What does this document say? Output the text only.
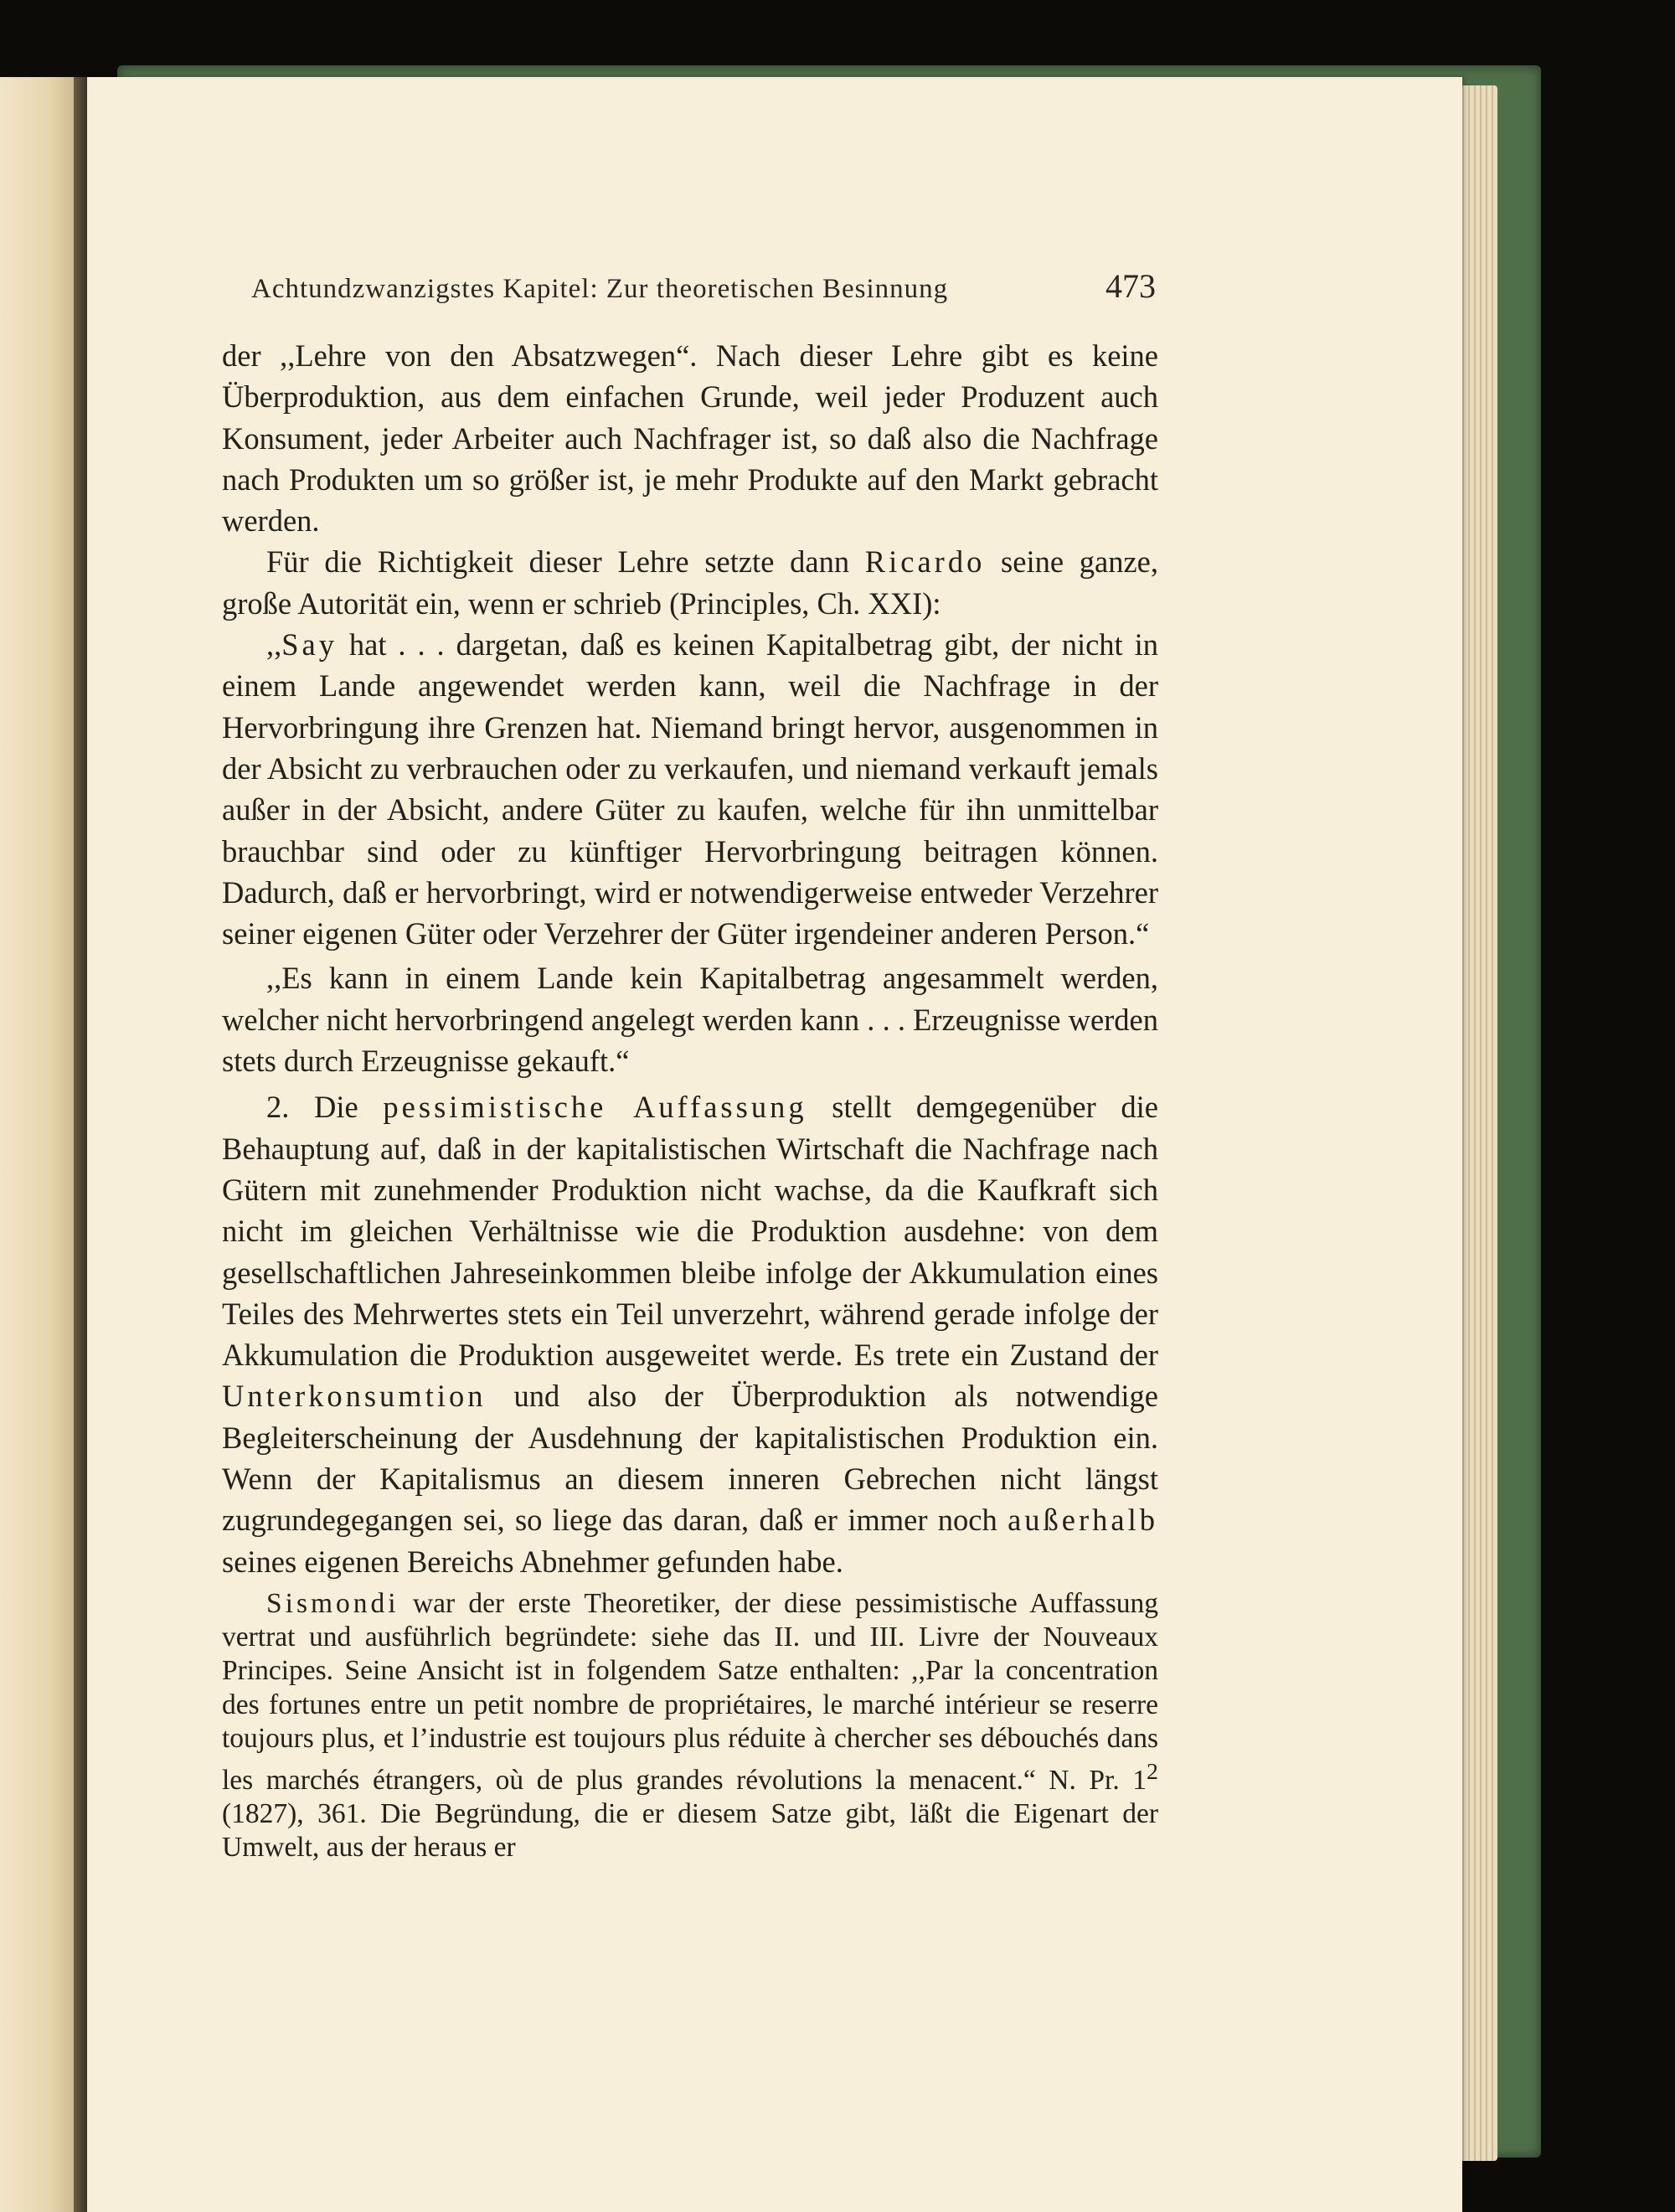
Achtundzwanzigstes Kapitel: Zur theoretischen Besinnung	473

der ,,Lehre von den Absatzwegen“. Nach dieser Lehre gibt es keine Überproduktion, aus dem einfachen Grunde, weil jeder Produzent auch Konsument, jeder Arbeiter auch Nachfrager ist, so daß also die Nachfrage nach Produkten um so größer ist, je mehr Produkte auf den Markt gebracht werden.

Für die Richtigkeit dieser Lehre setzte dann Ricardo seine ganze, große Autorität ein, wenn er schrieb (Principles, Ch. XXI):

,,Say hat . . . dargetan, daß es keinen Kapitalbetrag gibt, der nicht in einem Lande angewendet werden kann, weil die Nachfrage in der Hervorbringung ihre Grenzen hat. Niemand bringt hervor, ausgenommen in der Absicht zu verbrauchen oder zu verkaufen, und niemand verkauft jemals außer in der Absicht, andere Güter zu kaufen, welche für ihn unmittelbar brauchbar sind oder zu künftiger Hervorbringung beitragen können. Dadurch, daß er hervorbringt, wird er notwendigerweise entweder Verzehrer seiner eigenen Güter oder Verzehrer der Güter irgendeiner anderen Person.“

,,Es kann in einem Lande kein Kapitalbetrag angesammelt werden, welcher nicht hervorbringend angelegt werden kann . . . Erzeugnisse werden stets durch Erzeugnisse gekauft.“

2. Die pessimistische Auffassung stellt demgegenüber die Behauptung auf, daß in der kapitalistischen Wirtschaft die Nachfrage nach Gütern mit zunehmender Produktion nicht wachse, da die Kaufkraft sich nicht im gleichen Verhältnisse wie die Produktion ausdehne: von dem gesellschaftlichen Jahreseinkommen bleibe infolge der Akkumulation eines Teiles des Mehrwertes stets ein Teil unverzehrt, während gerade infolge der Akkumulation die Produktion ausgeweitet werde. Es trete ein Zustand der Unterkonsumtion und also der Überproduktion als notwendige Begleiterscheinung der Ausdehnung der kapitalistischen Produktion ein. Wenn der Kapitalismus an diesem inneren Gebrechen nicht längst zugrundegegangen sei, so liege das daran, daß er immer noch außerhalb seines eigenen Bereichs Abnehmer gefunden habe.

Sismondi war der erste Theoretiker, der diese pessimistische Auffassung vertrat und ausführlich begründete: siehe das II. und III. Livre der Nouveaux Principes. Seine Ansicht ist in folgendem Satze enthalten: ,,Par la concentration des fortunes entre un petit nombre de propriétaires, le marché intérieur se reserre toujours plus, et l’industrie est toujours plus réduite à chercher ses débouchés dans les marchés étrangers, où de plus grandes révolutions la menacent.“ N. Pr. $1^2$ (1827), 361. Die Begründung, die er diesem Satze gibt, läßt die Eigenart der Umwelt, aus der heraus er
